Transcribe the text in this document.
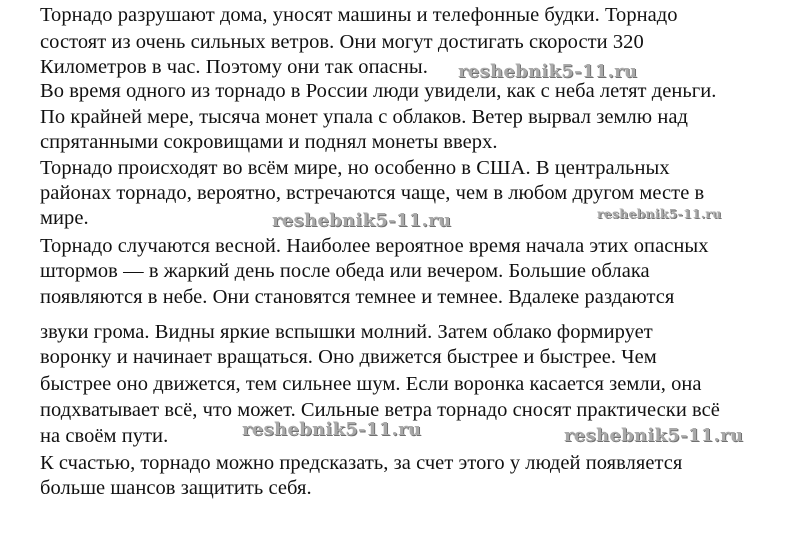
Торнадо разрушают дома, уносят машины и телефонные будки. Торнадо
состоят из очень сильных ветров. Они могут достигать скорости 320
Километров в час. Поэтому они так опасны.
Во время одного из торнадо в России люди увидели, как с неба летят деньги.
По крайней мере, тысяча монет упала с облаков. Ветер вырвал землю над
спрятанными сокровищами и поднял монеты вверх.
Торнадо происходят во всём мире, но особенно в США. В центральных
районах торнадо, вероятно, встречаются чаще, чем в любом другом месте в
мире.
Торнадо случаются весной. Наиболее вероятное время начала этих опасных
штормов — в жаркий день после обеда или вечером. Большие облака
появляются в небе. Они становятся темнее и темнее. Вдалеке раздаются
звуки грома. Видны яркие вспышки молний. Затем облако формирует
воронку и начинает вращаться. Оно движется быстрее и быстрее. Чем
быстрее оно движется, тем сильнее шум. Если воронка касается земли, она
подхватывает всё, что может. Сильные ветра торнадо сносят практически всё
на своём пути.
К счастью, торнадо можно предсказать, за счет этого у людей появляется
больше шансов защитить себя.
reshebnik5-11.ru
reshebnik5-11.ru	reshebnik5-11.ru
reshebnik5-11.ru	reshebnik5-11.ru
